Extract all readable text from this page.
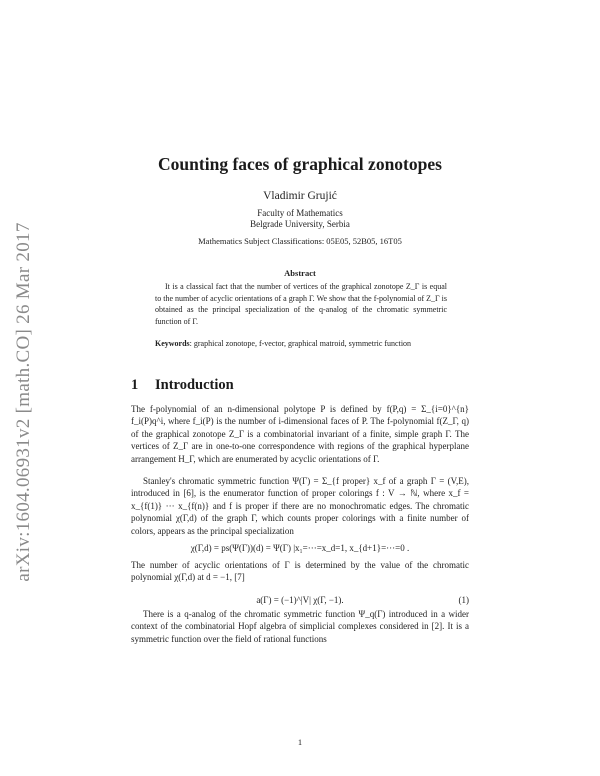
arXiv:1604.06931v2 [math.CO] 26 Mar 2017
Counting faces of graphical zonotopes
Vladimir Grujić
Faculty of Mathematics
Belgrade University, Serbia
Mathematics Subject Classifications: 05E05, 52B05, 16T05
Abstract

It is a classical fact that the number of vertices of the graphical zonotope Z_Γ is equal to the number of acyclic orientations of a graph Γ. We show that the f-polynomial of Z_Γ is obtained as the principal specialization of the q-analog of the chromatic symmetric function of Γ.

Keywords: graphical zonotope, f-vector, graphical matroid, symmetric function
1 Introduction

The f-polynomial of an n-dimensional polytope P is defined by f(P,q) = Σ_{i=0}^{n} f_i(P)q^i, where f_i(P) is the number of i-dimensional faces of P. The f-polynomial f(Z_Γ, q) of the graphical zonotope Z_Γ is a combinatorial invariant of a finite, simple graph Γ. The vertices of Z_Γ are in one-to-one correspondence with regions of the graphical hyperplane arrangement H_Γ, which are enumerated by acyclic orientations of Γ.

Stanley's chromatic symmetric function Ψ(Γ) = Σ_{f proper} x_f of a graph Γ = (V,E), introduced in [6], is the enumerator function of proper colorings f : V → ℕ, where x_f = x_{f(1)} ··· x_{f(n)} and f is proper if there are no monochromatic edges. The chromatic polynomial χ(Γ,d) of the graph Γ, which counts proper colorings with a finite number of colors, appears as the principal specialization

χ(Γ,d) = ps(Ψ(Γ))(d) = Ψ(Γ) |x₁=···=x_d=1, x_{d+1}=···=0 .

The number of acyclic orientations of Γ is determined by the value of the chromatic polynomial χ(Γ,d) at d = −1, [7]

a(Γ) = (−1)^|V| χ(Γ, −1).	(1)

There is a q-analog of the chromatic symmetric function Ψ_q(Γ) introduced in a wider context of the combinatorial Hopf algebra of simplicial complexes considered in [2]. It is a symmetric function over the field of rational functions

1
